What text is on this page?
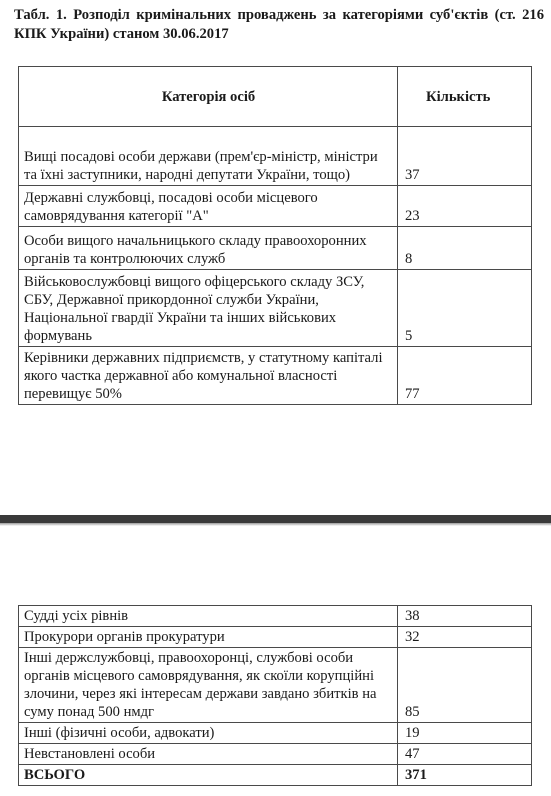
Табл. 1. Розподіл кримінальних проваджень за категоріями суб'єктів (ст. 216 КПК України) станом 30.06.2017
Категорія осіб	Кількість
Вищі посадові особи держави (прем'єр-міністр, міністри та їхні заступники, народні депутати України, тощо)	37
Державні службовці, посадові особи місцевого самоврядування категорії "А"	23
Особи вищого начальницького складу правоохоронних органів та контролюючих служб	8
Військовослужбовці вищого офіцерського складу ЗСУ, СБУ, Державної прикордонної служби України, Національної гвардії України та інших військових формувань	5
Керівники державних підприємств, у статутному капіталі якого частка державної або комунальної власності перевищує 50%	77
Судді усіх рівнів	38
Прокурори органів прокуратури	32
Інші держслужбовці, правоохоронці, службові особи органів місцевого самоврядування, як скоїли корупційні злочини, через які інтересам держави завдано збитків на суму понад 500 нмдг	85
Інші (фізичні особи, адвокати)	19
Невстановлені особи	47
ВСЬОГО	371
